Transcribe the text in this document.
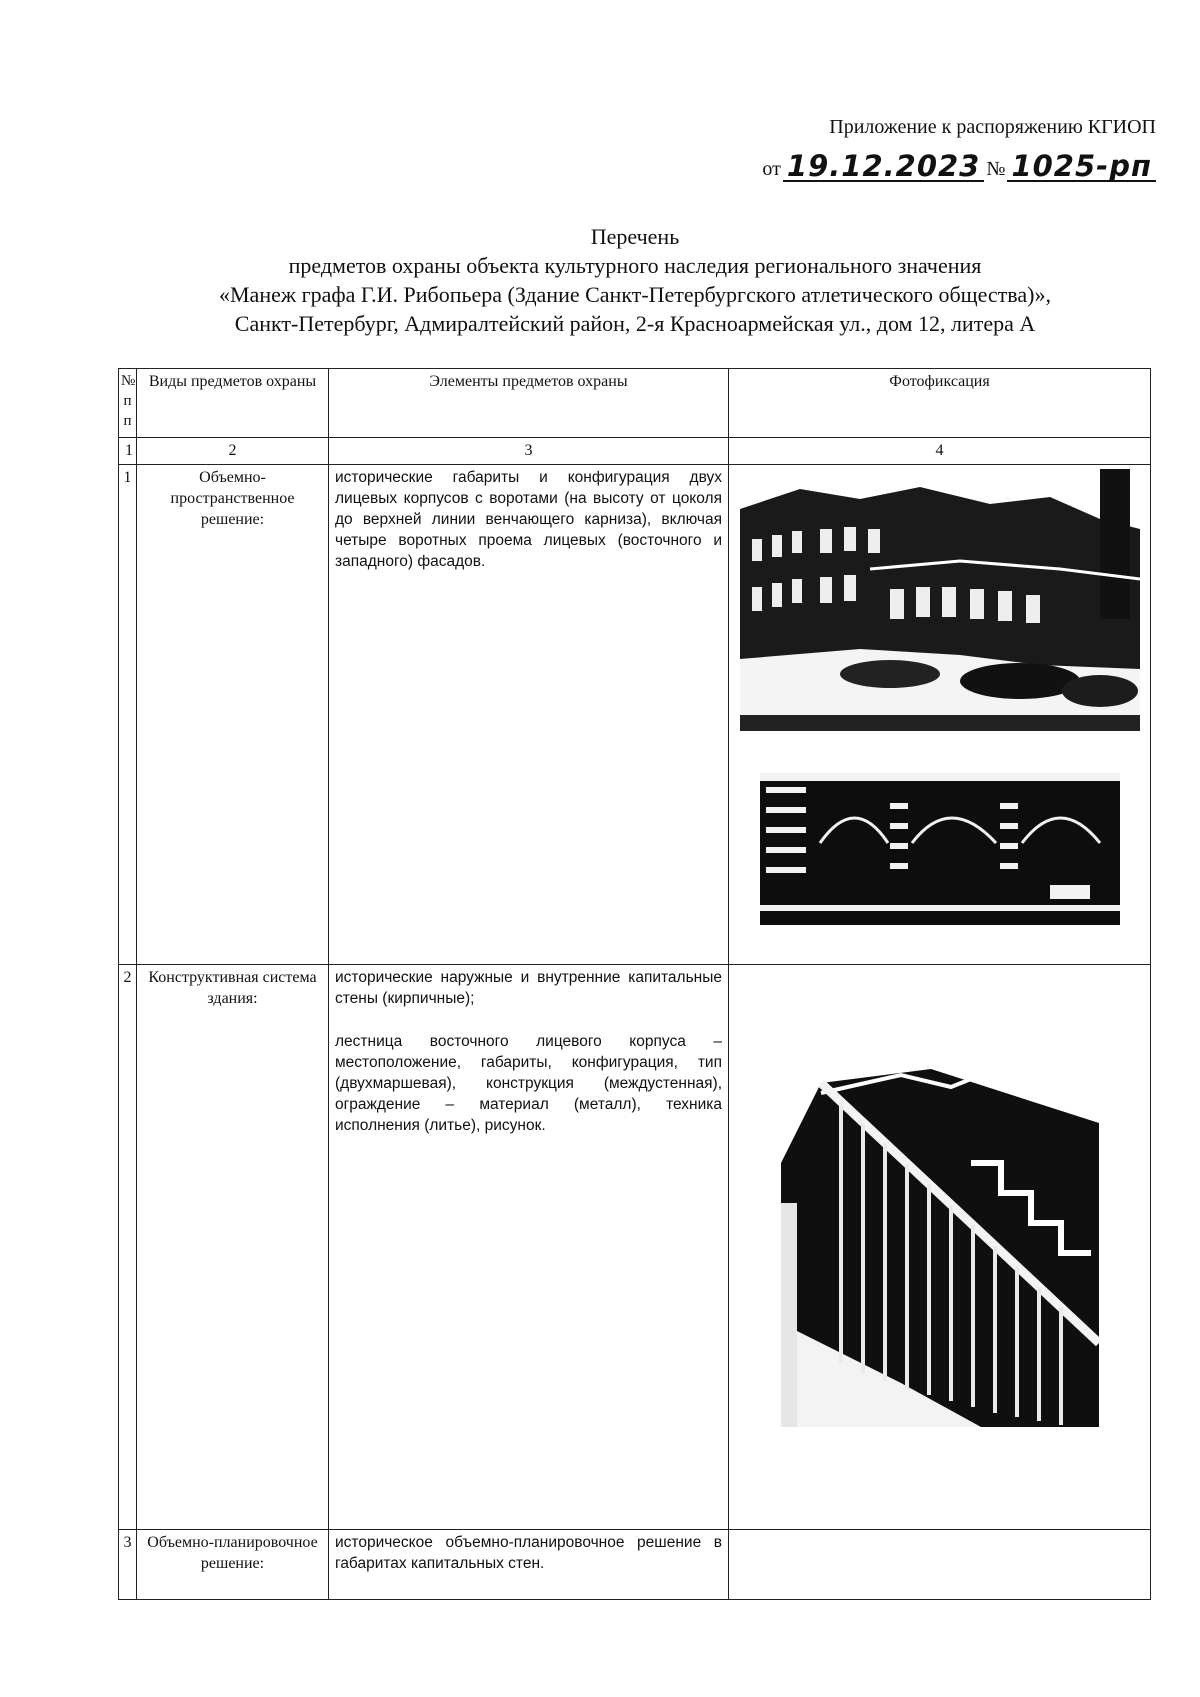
Приложение к распоряжению КГИОП
от 19.12.2023 № 1025-рп
Перечень
предметов охраны объекта культурного наследия регионального значения
«Манеж графа Г.И. Рибопьера (Здание Санкт-Петербургского атлетического общества)»,
Санкт-Петербург, Адмиралтейский район, 2-я Красноармейская ул., дом 12, литера А
№
п
п	Виды предметов охраны	Элементы предметов охраны	Фотофиксация
1	2	3	4
1	Объемно-пространственное решение:	исторические габариты и конфигурация двух лицевых корпусов с воротами (на высоту от цоколя до верхней линии венчающего карниза), включая четыре воротных проема лицевых (восточного и западного) фасадов.

2	Конструктивная система здания:	исторические наружные и внутренние капитальные стены (кирпичные);
лестница восточного лицевого корпуса – местоположение, габариты, конфигурация, тип (двухмаршевая), конструкция (междустенная), ограждение – материал (металл), техника исполнения (литье), рисунок.

3	Объемно-планировочное решение:	историческое объемно-планировочное решение в габаритах капитальных стен.	
